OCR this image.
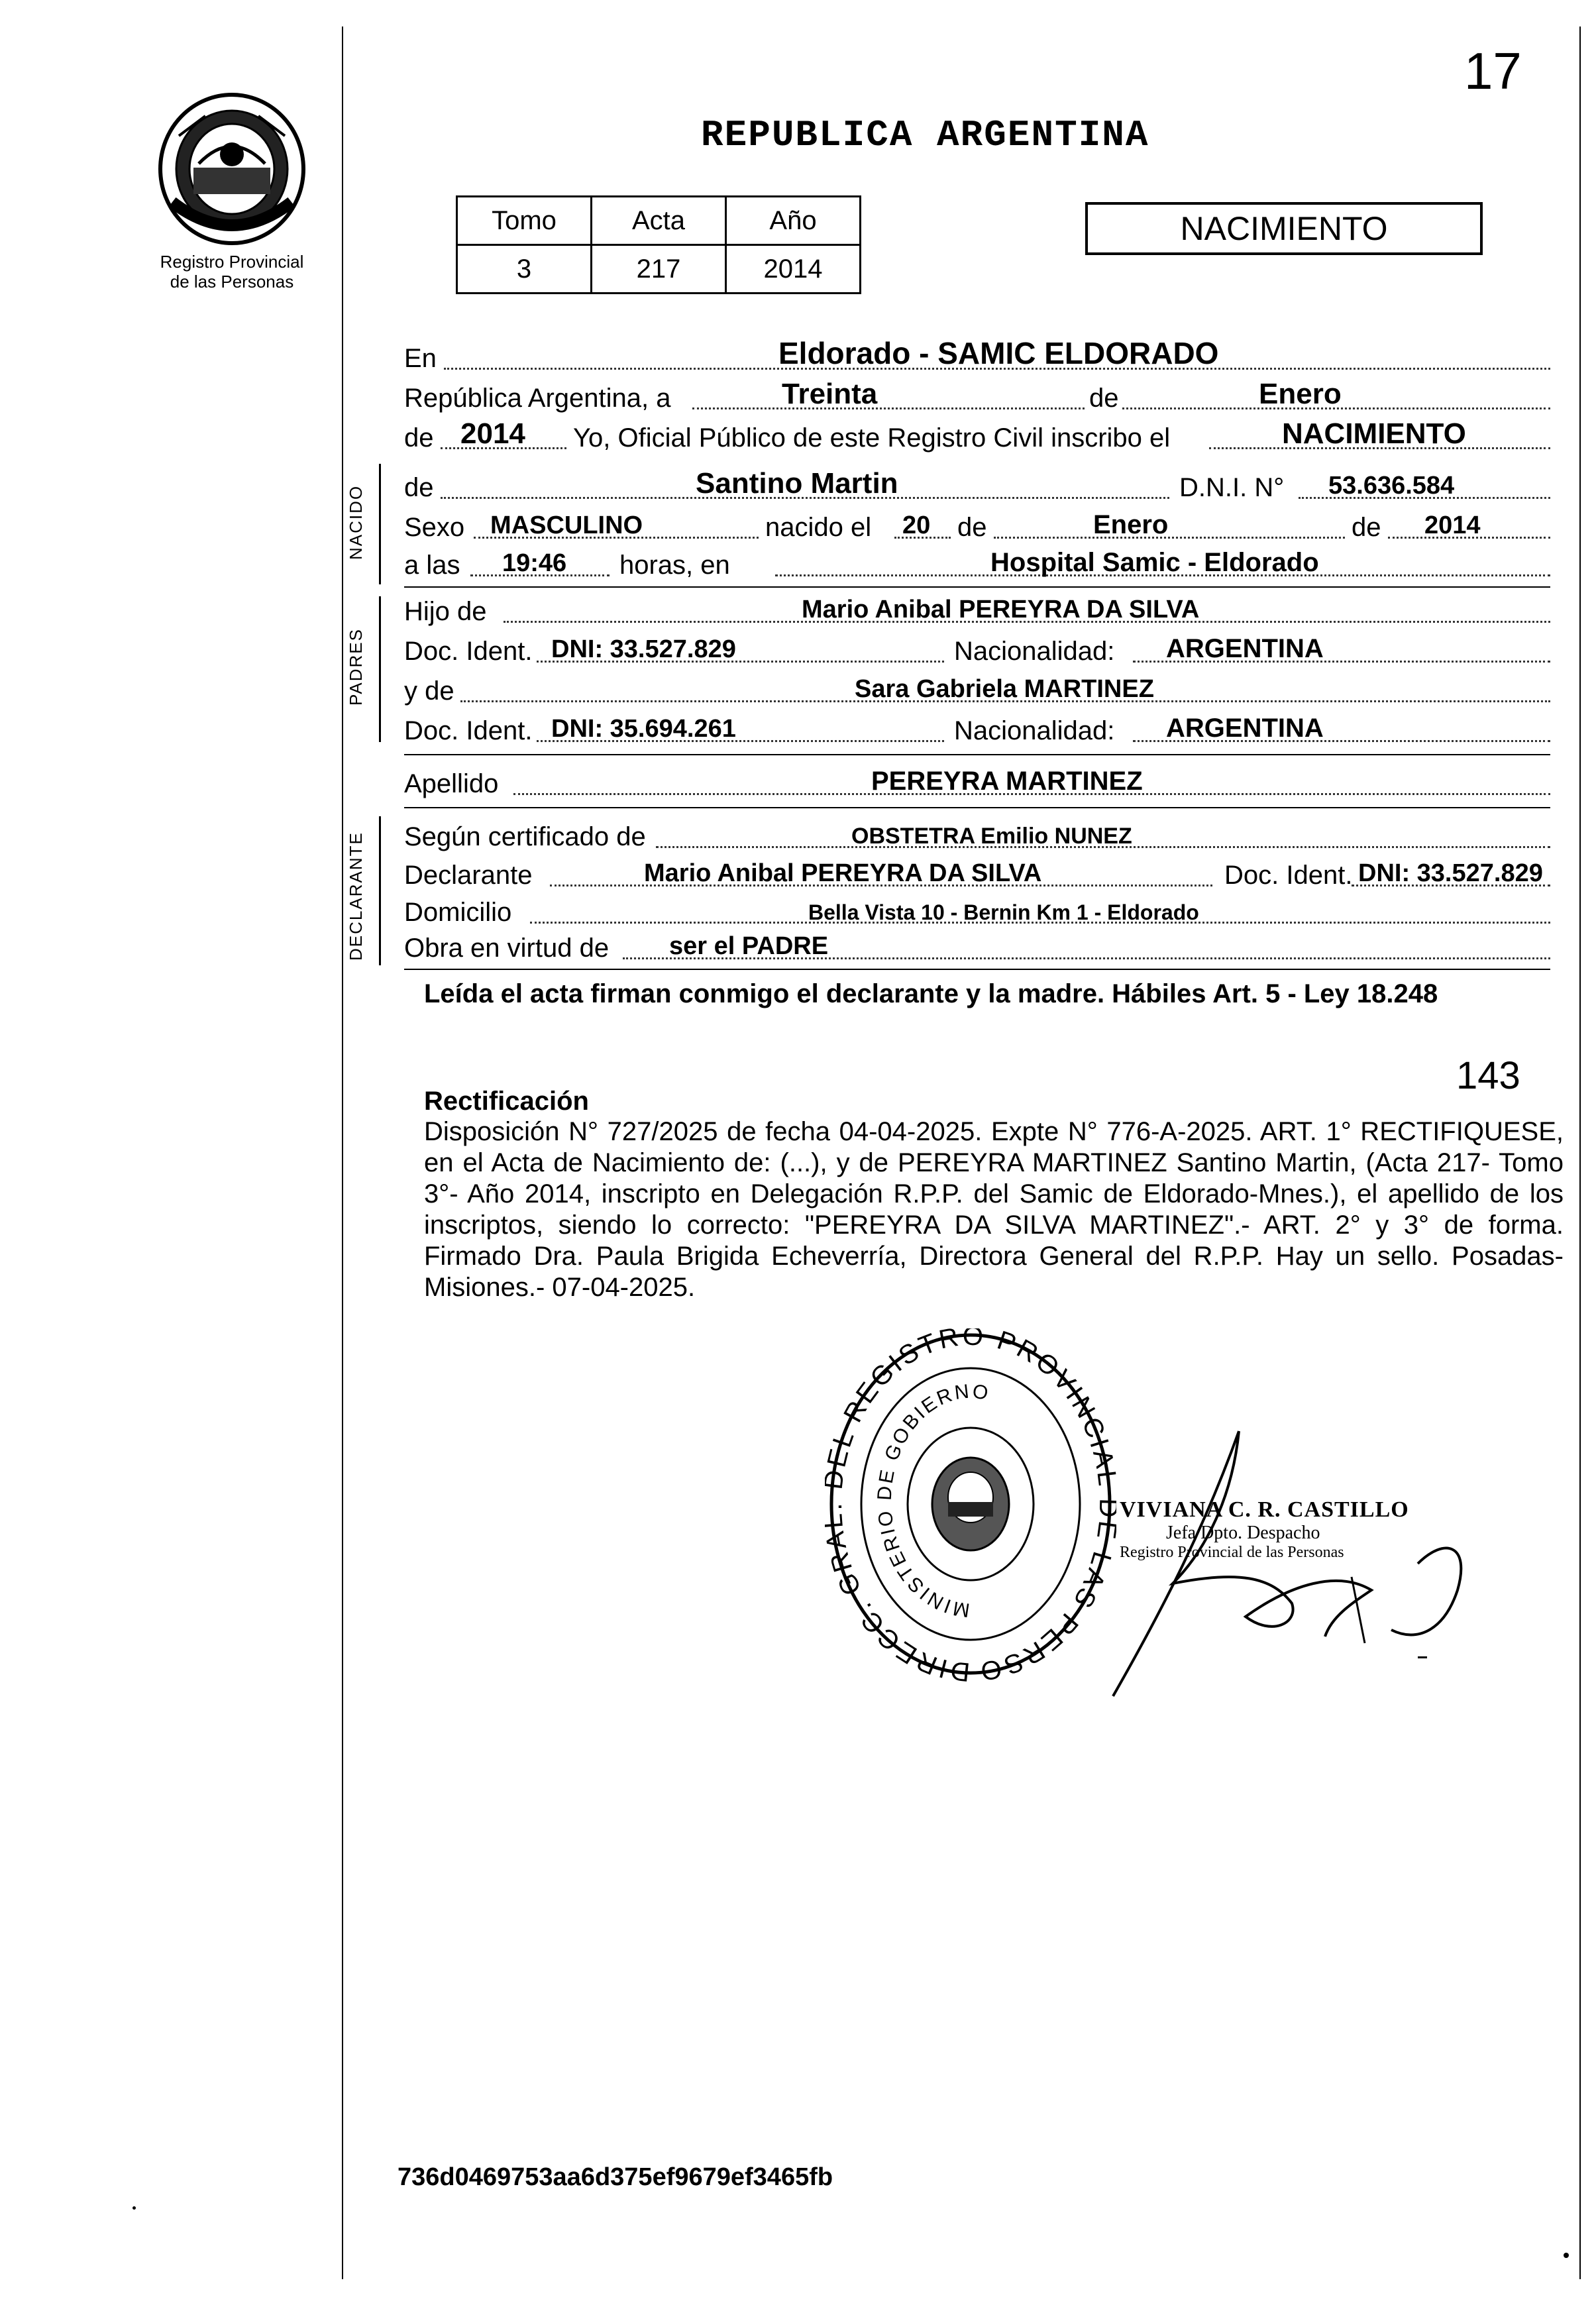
17
Registro Provincial
de las Personas
REPUBLICA ARGENTINA
Tomo	Acta	Año
3	217	2014
NACIMIENTO
En	Eldorado - SAMIC ELDORADO
República Argentina, a	Treinta	de	Enero
de 2014 Yo, Oficial Público de este Registro Civil inscribo el	NACIMIENTO
NACIDO de	Santino Martin	D.N.I. N° 53.636.584
Sexo MASCULINO	nacido el 20 de	Enero	de 2014
a las 19:46 horas, en	Hospital Samic - Eldorado
PADRES
Hijo de	Mario Anibal PEREYRA DA SILVA
Doc. Ident. DNI: 33.527.829	Nacionalidad: ARGENTINA
y de	Sara Gabriela MARTINEZ
Doc. Ident. DNI: 35.694.261	Nacionalidad: ARGENTINA
Apellido	PEREYRA MARTINEZ
DECLARANTE Según certificado de	OBSTETRA Emilio NUNEZ
Declarante	Mario Anibal PEREYRA DA SILVA	Doc. Ident. DNI: 33.527.829
Domicilio	Bella Vista 10 - Bernin Km 1 - Eldorado
Obra en virtud de ser el PADRE
Leída el acta firman conmigo el declarante y la madre. Hábiles Art. 5 - Ley 18.248
143
Rectificación
Disposición N° 727/2025 de fecha 04-04-2025. Expte N° 776-A-2025. ART. 1° RECTIFIQUESE, en el Acta de Nacimiento de: (...), y de PEREYRA MARTINEZ Santino Martin, (Acta 217- Tomo 3°- Año 2014, inscripto en Delegación R.P.P. del Samic de Eldorado-Mnes.), el apellido de los inscriptos, siendo lo correcto: "PEREYRA DA SILVA MARTINEZ".- ART. 2° y 3° de forma. Firmado Dra. Paula Brigida Echeverría, Directora General del R.P.P. Hay un sello. Posadas- Misiones.- 07-04-2025.
DIRECC. GR EL REGISTRO PROVINCI LAS PERSO
MINISTERIO DE GOBIERNO
VIVIANA C. R. CASTILLO
Jefa Dpto. Despacho
Registro Provincial de las Personas
736d0469753aa6d375ef9679ef3465fb
